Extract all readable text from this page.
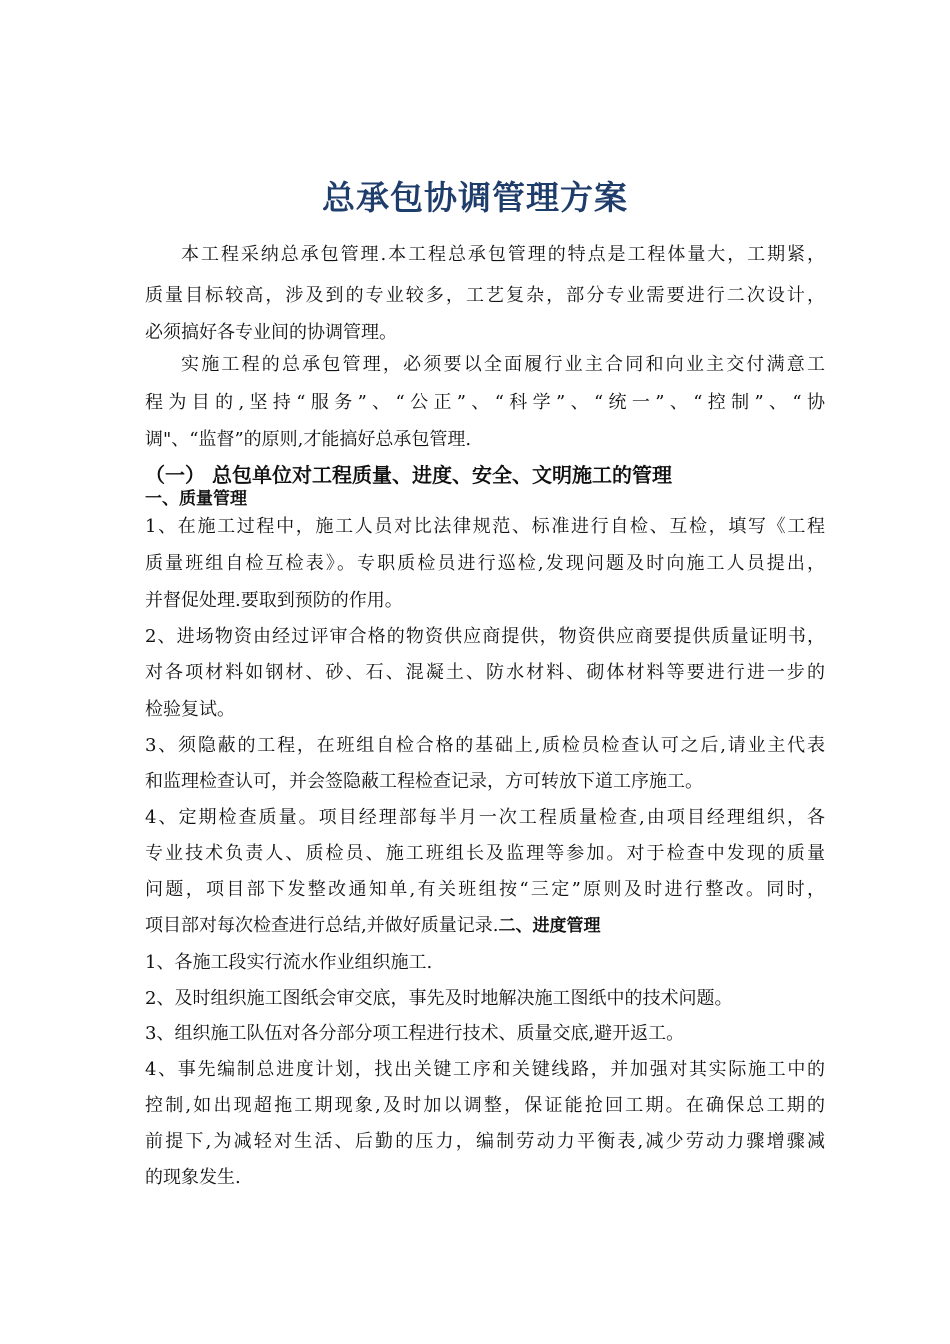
总承包协调管理方案
本工程采纳总承包管理.本工程总承包管理的特点是工程体量大，工期紧，
质量目标较高，涉及到的专业较多，工艺复杂，部分专业需要进行二次设计，
必须搞好各专业间的协调管理。
实施工程的总承包管理，必须要以全面履行业主合同和向业主交付满意工
程为目的,坚持“服务”、“公正”、“科学”、“统一”、“控制”、“协
调"、“监督”的原则,才能搞好总承包管理.
（一） 总包单位对工程质量、进度、安全、文明施工的管理
一、质量管理
1、在施工过程中，施工人员对比法律规范、标准进行自检、互检，填写《工程
质量班组自检互检表》。专职质检员进行巡检,发现问题及时向施工人员提出，
并督促处理.要取到预防的作用。
2、进场物资由经过评审合格的物资供应商提供，物资供应商要提供质量证明书，
对各项材料如钢材、砂、石、混凝土、防水材料、砌体材料等要进行进一步的
检验复试。
3、须隐蔽的工程，在班组自检合格的基础上,质检员检查认可之后,请业主代表
和监理检查认可，并会签隐蔽工程检查记录，方可转放下道工序施工。
4、定期检查质量。项目经理部每半月一次工程质量检查,由项目经理组织，各
专业技术负责人、质检员、施工班组长及监理等参加。对于检查中发现的质量
问题，项目部下发整改通知单,有关班组按“三定”原则及时进行整改。同时，
项目部对每次检查进行总结,并做好质量记录.二、进度管理
1、各施工段实行流水作业组织施工.
2、及时组织施工图纸会审交底，事先及时地解决施工图纸中的技术问题。
3、组织施工队伍对各分部分项工程进行技术、质量交底,避开返工。
4、事先编制总进度计划，找出关键工序和关键线路，并加强对其实际施工中的
控制,如出现超拖工期现象,及时加以调整，保证能抢回工期。在确保总工期的
前提下,为减轻对生活、后勤的压力，编制劳动力平衡表,减少劳动力骤增骤减
的现象发生.
